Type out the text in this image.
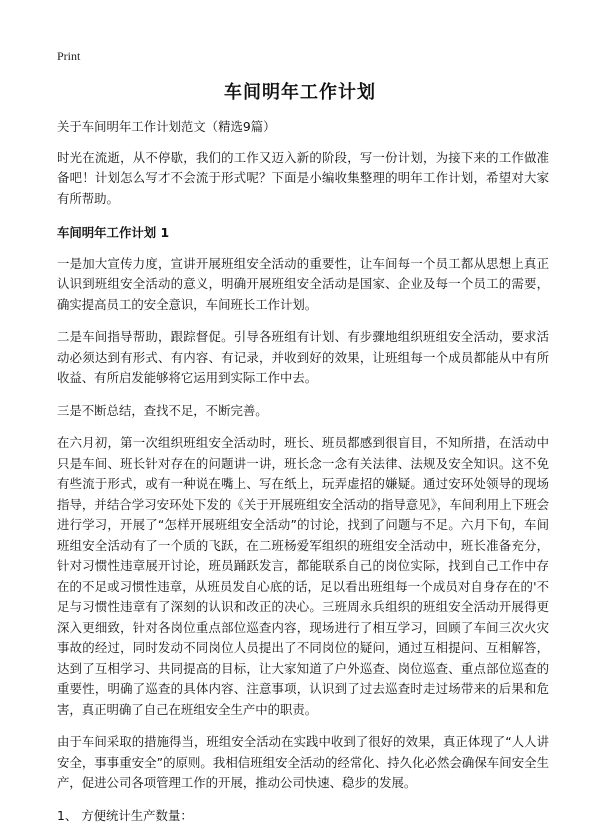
Print
车间明年工作计划

关于车间明年工作计划范文（精选9篇）

时光在流逝，从不停歇，我们的工作又迈入新的阶段，写一份计划，为接下来的工作做准备吧！计划怎么写才不会流于形式呢？下面是小编收集整理的明年工作计划，希望对大家有所帮助。

车间明年工作计划 1

一是加大宣传力度，宣讲开展班组安全活动的重要性，让车间每一个员工都从思想上真正认识到班组安全活动的意义，明确开展班组安全活动是国家、企业及每一个员工的需要，确实提高员工的安全意识，车间班长工作计划。

二是车间指导帮助，跟踪督促。引导各班组有计划、有步骤地组织班组安全活动，要求活动必须达到有形式、有内容、有记录，并收到好的效果，让班组每一个成员都能从中有所收益、有所启发能够将它运用到实际工作中去。

三是不断总结，查找不足，不断完善。

在六月初，第一次组织班组安全活动时，班长、班员都感到很盲目，不知所措，在活动中只是车间、班长针对存在的问题讲一讲，班长念一念有关法律、法规及安全知识。这不免有些流于形式，或有一种说在嘴上、写在纸上，玩弄虚招的嫌疑。通过安环处领导的现场指导，并结合学习安环处下发的《关于开展班组安全活动的指导意见》，车间利用上下班会进行学习，开展了“怎样开展班组安全活动”的讨论，找到了问题与不足。六月下旬，车间班组安全活动有了一个质的飞跃，在二班杨爱军组织的班组安全活动中，班长准备充分，针对习惯性违章展开讨论，班员踊跃发言，都能联系自己的岗位实际，找到自己工作中存在的不足或习惯性违章，从班员发自心底的话，足以看出班组每一个成员对自身存在的'不足与习惯性违章有了深刻的认识和改正的决心。三班周永兵组织的班组安全活动开展得更深入更细致，针对各岗位重点部位巡查内容，现场进行了相互学习，回顾了车间三次火灾事故的经过，同时发动不同岗位人员提出了不同岗位的疑问，通过互相提问、互相解答，达到了互相学习、共同提高的目标，让大家知道了户外巡查、岗位巡查、重点部位巡查的重要性，明确了巡查的具体内容、注意事项，认识到了过去巡查时走过场带来的后果和危害，真正明确了自己在班组安全生产中的职责。

由于车间采取的措施得当，班组安全活动在实践中收到了很好的效果，真正体现了“人人讲安全，事事重安全”的原则。我相信班组安全活动的经常化、持久化必然会确保车间安全生产，促进公司各项管理工作的开展，推动公司快速、稳步的发展。

1、 方便统计生产数量：
